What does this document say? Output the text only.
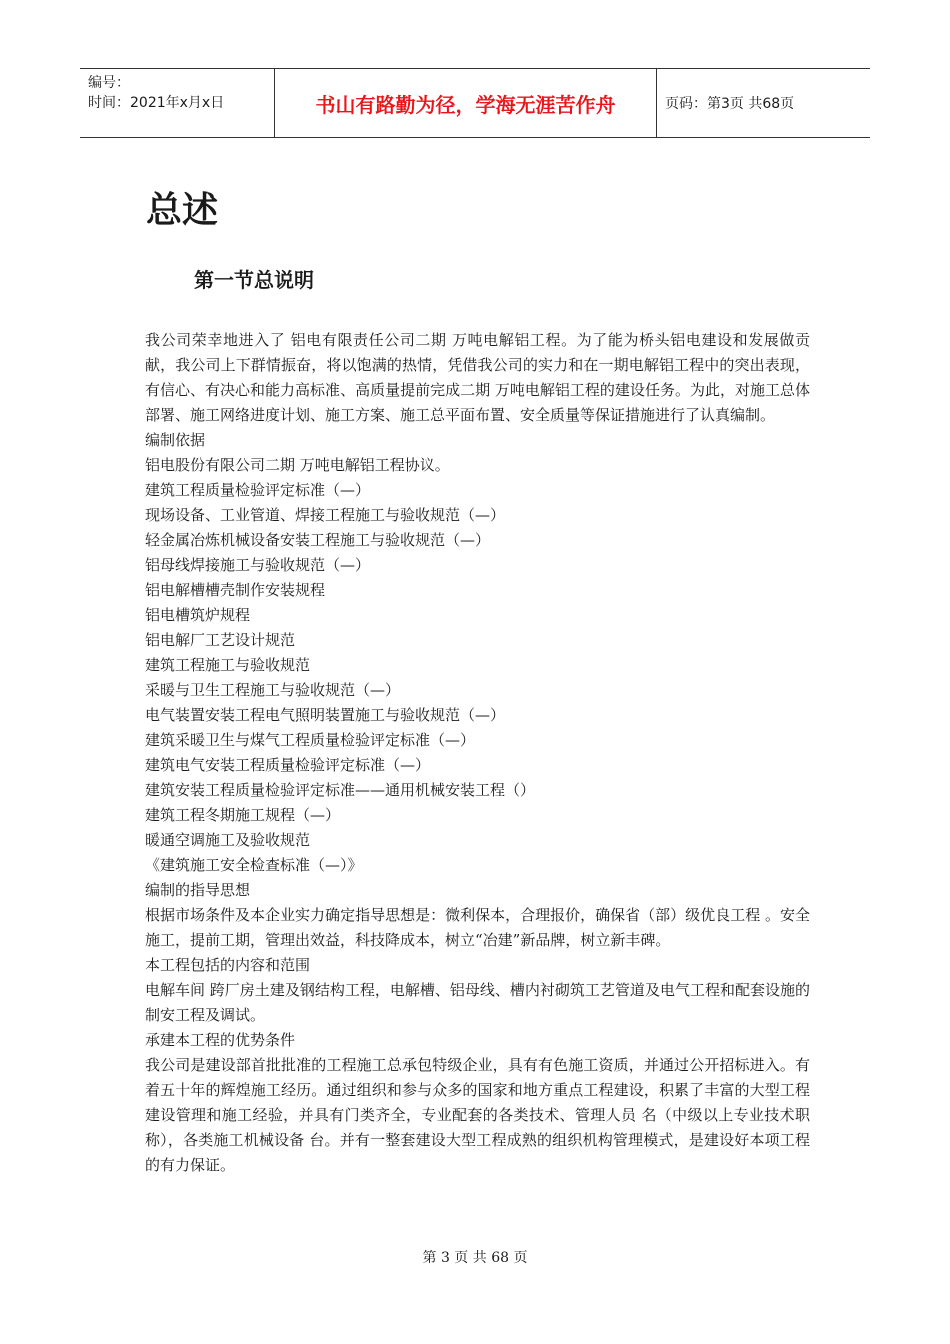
编号：
时间：2021年x月x日	书山有路勤为径，学海无涯苦作舟	页码：第3页 共68页
总述
第一节总说明

我公司荣幸地进入了 铝电有限责任公司二期 万吨电解铝工程。为了能为桥头铝电建设和发展做贡献，我公司上下群情振奋，将以饱满的热情，凭借我公司的实力和在一期电解铝工程中的突出表现，有信心、有决心和能力高标准、高质量提前完成二期 万吨电解铝工程的建设任务。为此，对施工总体部署、施工网络进度计划、施工方案、施工总平面布置、安全质量等保证措施进行了认真编制。

编制依据

铝电股份有限公司二期 万吨电解铝工程协议。

建筑工程质量检验评定标准（—）

现场设备、工业管道、焊接工程施工与验收规范（—）

轻金属冶炼机械设备安装工程施工与验收规范（—）

铝母线焊接施工与验收规范（—）

铝电解槽槽壳制作安装规程

铝电槽筑炉规程

铝电解厂工艺设计规范

建筑工程施工与验收规范

采暖与卫生工程施工与验收规范（—）

电气装置安装工程电气照明装置施工与验收规范（—）

建筑采暖卫生与煤气工程质量检验评定标准（—）

建筑电气安装工程质量检验评定标准（—）

建筑安装工程质量检验评定标准——通用机械安装工程（）

建筑工程冬期施工规程（—）

暖通空调施工及验收规范

《建筑施工安全检查标准（—）》

编制的指导思想

根据市场条件及本企业实力确定指导思想是：微利保本，合理报价，确保省（部）级优良工程 。安全施工，提前工期，管理出效益，科技降成本，树立“冶建”新品牌，树立新丰碑。

本工程包括的内容和范围

电解车间 跨厂房土建及钢结构工程，电解槽、铝母线、槽内衬砌筑工艺管道及电气工程和配套设施的制安工程及调试。

承建本工程的优势条件

我公司是建设部首批批准的工程施工总承包特级企业，具有有色施工资质，并通过公开招标进入。有着五十年的辉煌施工经历。通过组织和参与众多的国家和地方重点工程建设，积累了丰富的大型工程建设管理和施工经验，并具有门类齐全，专业配套的各类技术、管理人员 名（中级以上专业技术职称），各类施工机械设备 台。并有一整套建设大型工程成熟的组织机构管理模式，是建设好本项工程的有力保证。

第 3 页 共 68 页
